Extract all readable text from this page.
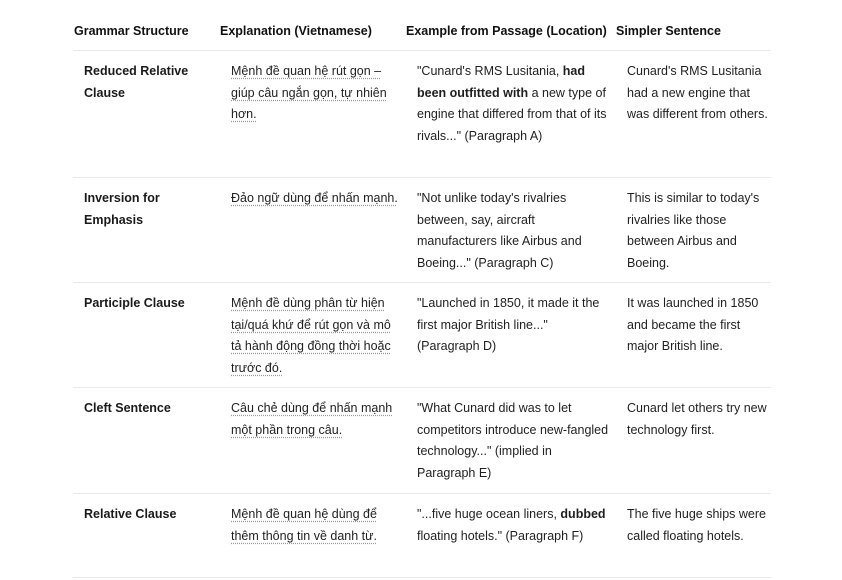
Grammar Structure	Explanation (Vietnamese)	Example from Passage (Location)	Simpler Sentence

Reduced Relative Clause	Mệnh đề quan hệ rút gọn – giúp câu ngắn gọn, tự nhiên hơn.	"Cunard's RMS Lusitania, had been outfitted with a new type of engine that differed from that of its rivals..." (Paragraph A)	Cunard's RMS Lusitania had a new engine that was different from others.

Inversion for Emphasis	Đảo ngữ dùng để nhấn mạnh.	"Not unlike today's rivalries between, say, aircraft manufacturers like Airbus and Boeing..." (Paragraph C)	This is similar to today's rivalries like those between Airbus and Boeing.

Participle Clause	Mệnh đề dùng phân từ hiện tại/quá khứ để rút gọn và mô tả hành động đồng thời hoặc trước đó.	"Launched in 1850, it made it the first major British line..." (Paragraph D)	It was launched in 1850 and became the first major British line.

Cleft Sentence	Câu chẻ dùng để nhấn mạnh một phần trong câu.	"What Cunard did was to let competitors introduce new-fangled technology..." (implied in Paragraph E)	Cunard let others try new technology first.

Relative Clause	Mệnh đề quan hệ dùng để thêm thông tin về danh từ.	"...five huge ocean liners, dubbed floating hotels." (Paragraph F)	The five huge ships were called floating hotels.
